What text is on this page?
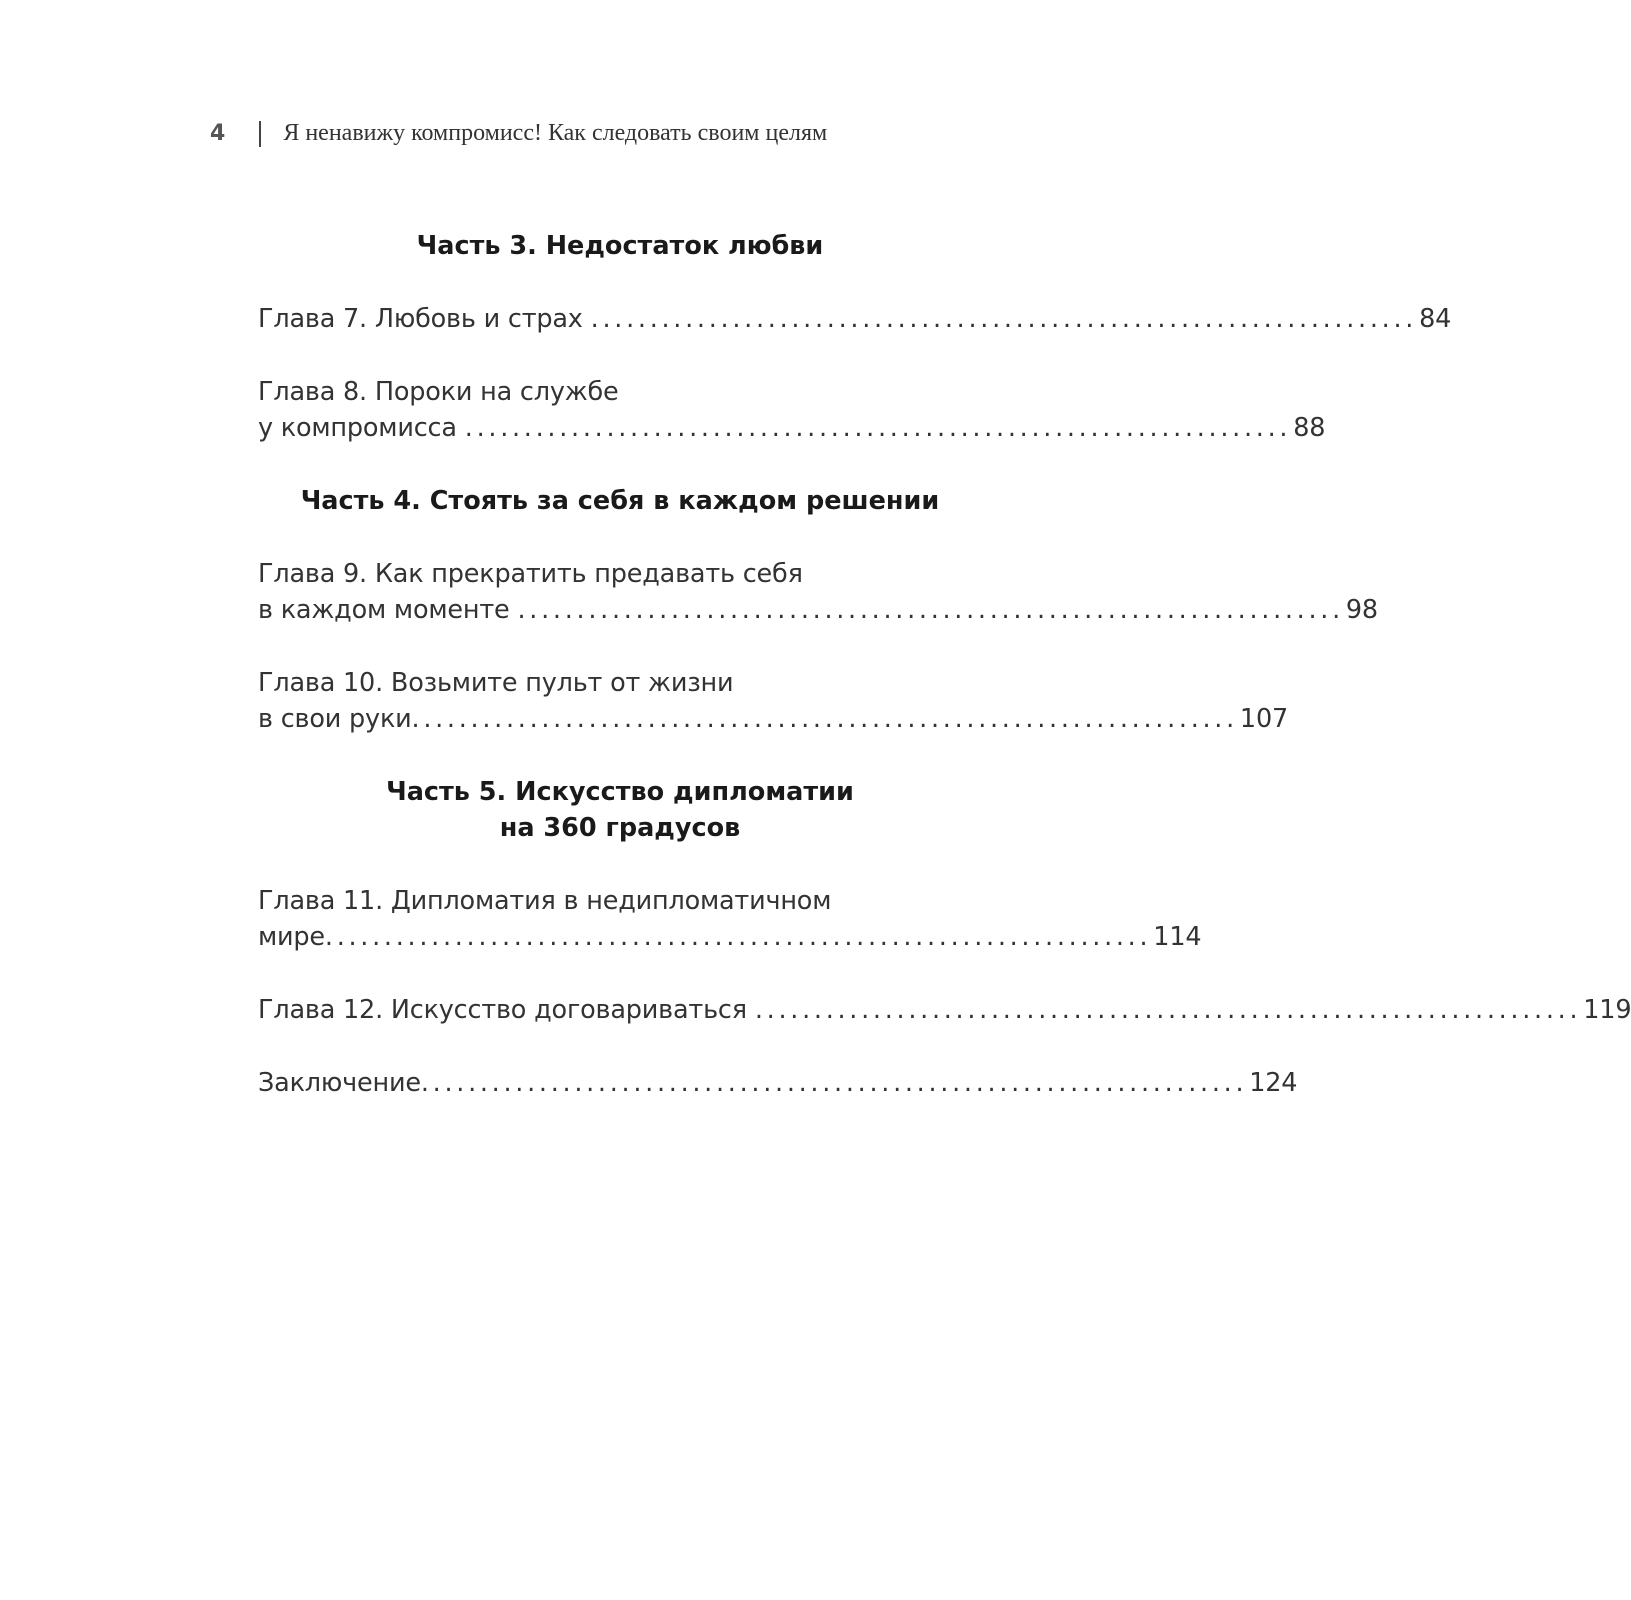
4 Я ненавижу компромисс! Как следовать своим целям
Часть 3. Недостаток любви
Глава 7. Любовь и страх ...................................................................... 84
Глава 8. Пороки на службе
у компромисса ...................................................................... 88
Часть 4. Стоять за себя в каждом решении
Глава 9. Как прекратить предавать себя
в каждом моменте ...................................................................... 98
Глава 10. Возьмите пульт от жизни
в свои руки ...................................................................... 107
Часть 5. Искусство дипломатии
на 360 градусов
Глава 11. Дипломатия в недипломатичном
мире ...................................................................... 114
Глава 12. Искусство договариваться ...................................................................... 119
Заключение ...................................................................... 124
